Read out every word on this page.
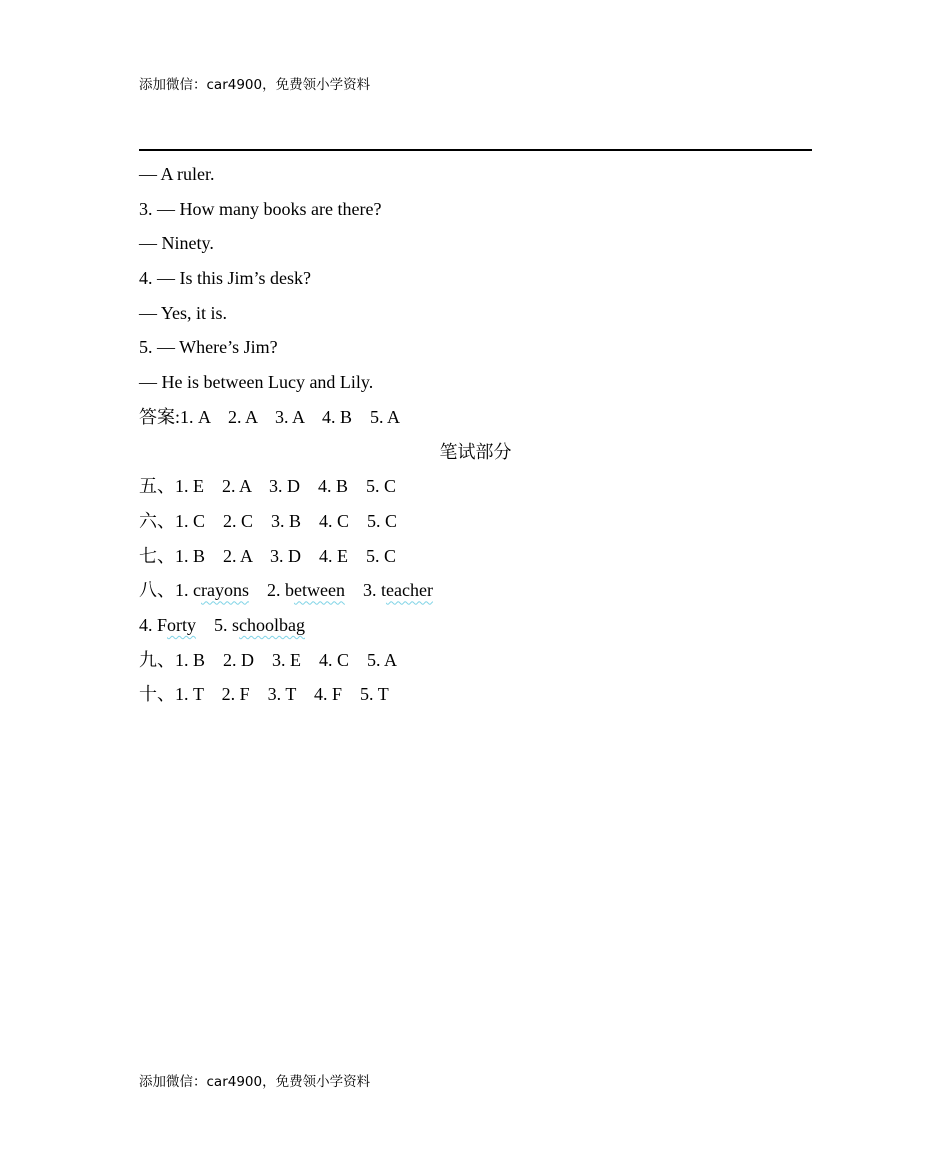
添加微信：car4900，免费领小学资料
— A ruler.
3. — How many books are there?
— Ninety.
4. — Is this Jim’s desk?
— Yes, it is.
5. — Where’s Jim?
— He is between Lucy and Lily.
答案:1. A    2. A    3. A    4. B    5. A
笔试部分
五、1. E    2. A    3. D    4. B    5. C
六、1. C    2. C    3. B    4. C    5. C
七、1. B    2. A    3. D    4. E    5. C
八、1. crayons    2. between    3. teacher
4. Forty    5. schoolbag
九、1. B    2. D    3. E    4. C    5. A
十、1. T    2. F    3. T    4. F    5. T
添加微信：car4900，免费领小学资料
